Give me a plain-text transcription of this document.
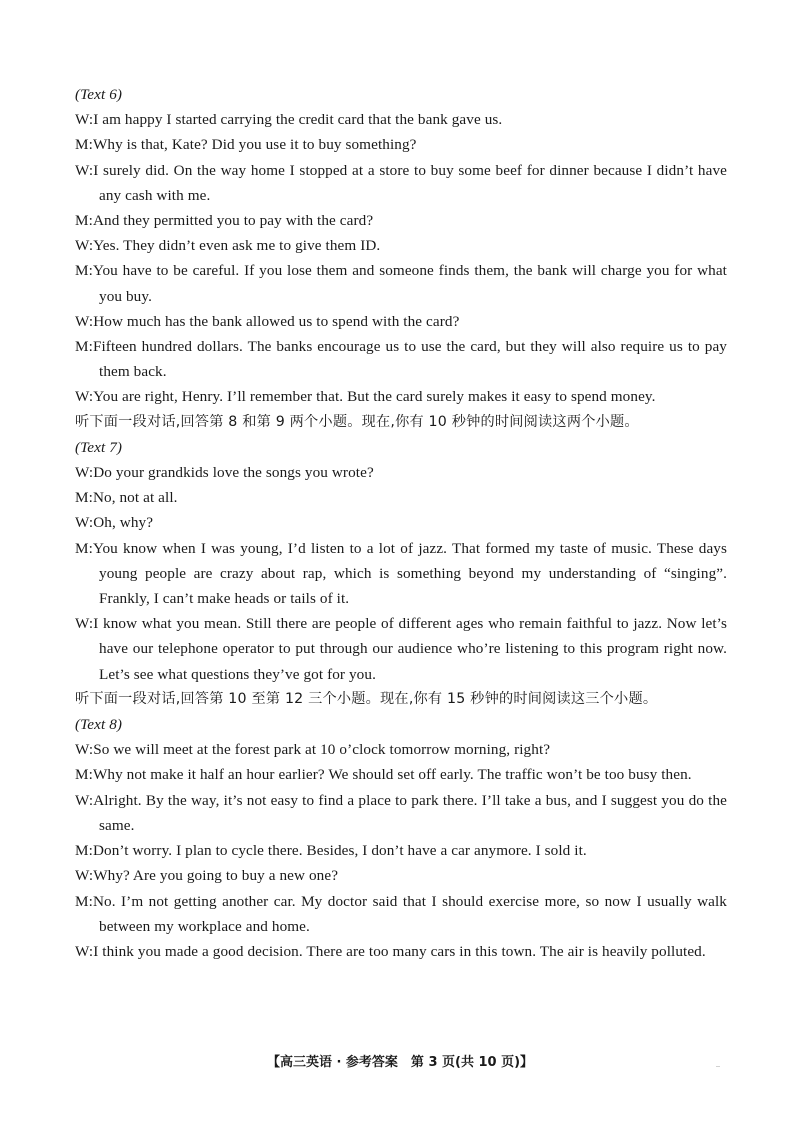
(Text 6)

W:I am happy I started carrying the credit card that the bank gave us.

M:Why is that, Kate? Did you use it to buy something?

W:I surely did. On the way home I stopped at a store to buy some beef for dinner because I didn’t have any cash with me.

M:And they permitted you to pay with the card?

W:Yes. They didn’t even ask me to give them ID.

M:You have to be careful. If you lose them and someone finds them, the bank will charge you for what you buy.

W:How much has the bank allowed us to spend with the card?

M:Fifteen hundred dollars. The banks encourage us to use the card, but they will also require us to pay them back.

W:You are right, Henry. I’ll remember that. But the card surely makes it easy to spend money.

听下面一段对话,回答第 8 和第 9 两个小题。现在,你有 10 秒钟的时间阅读这两个小题。

(Text 7)

W:Do your grandkids love the songs you wrote?

M:No, not at all.

W:Oh, why?

M:You know when I was young, I’d listen to a lot of jazz. That formed my taste of music. These days young people are crazy about rap, which is something beyond my understanding of “singing”. Frankly, I can’t make heads or tails of it.

W:I know what you mean. Still there are people of different ages who remain faithful to jazz. Now let’s have our telephone operator to put through our audience who’re listening to this program right now. Let’s see what questions they’ve got for you.

听下面一段对话,回答第 10 至第 12 三个小题。现在,你有 15 秒钟的时间阅读这三个小题。

(Text 8)

W:So we will meet at the forest park at 10 o’clock tomorrow morning, right?

M:Why not make it half an hour earlier? We should set off early. The traffic won’t be too busy then.

W:Alright. By the way, it’s not easy to find a place to park there. I’ll take a bus, and I suggest you do the same.

M:Don’t worry. I plan to cycle there. Besides, I don’t have a car anymore. I sold it.

W:Why? Are you going to buy a new one?

M:No. I’m not getting another car. My doctor said that I should exercise more, so now I usually walk between my workplace and home.

W:I think you made a good decision. There are too many cars in this town. The air is heavily polluted.

【高三英语 · 参考答案　第 3 页(共 10 页)】	..
